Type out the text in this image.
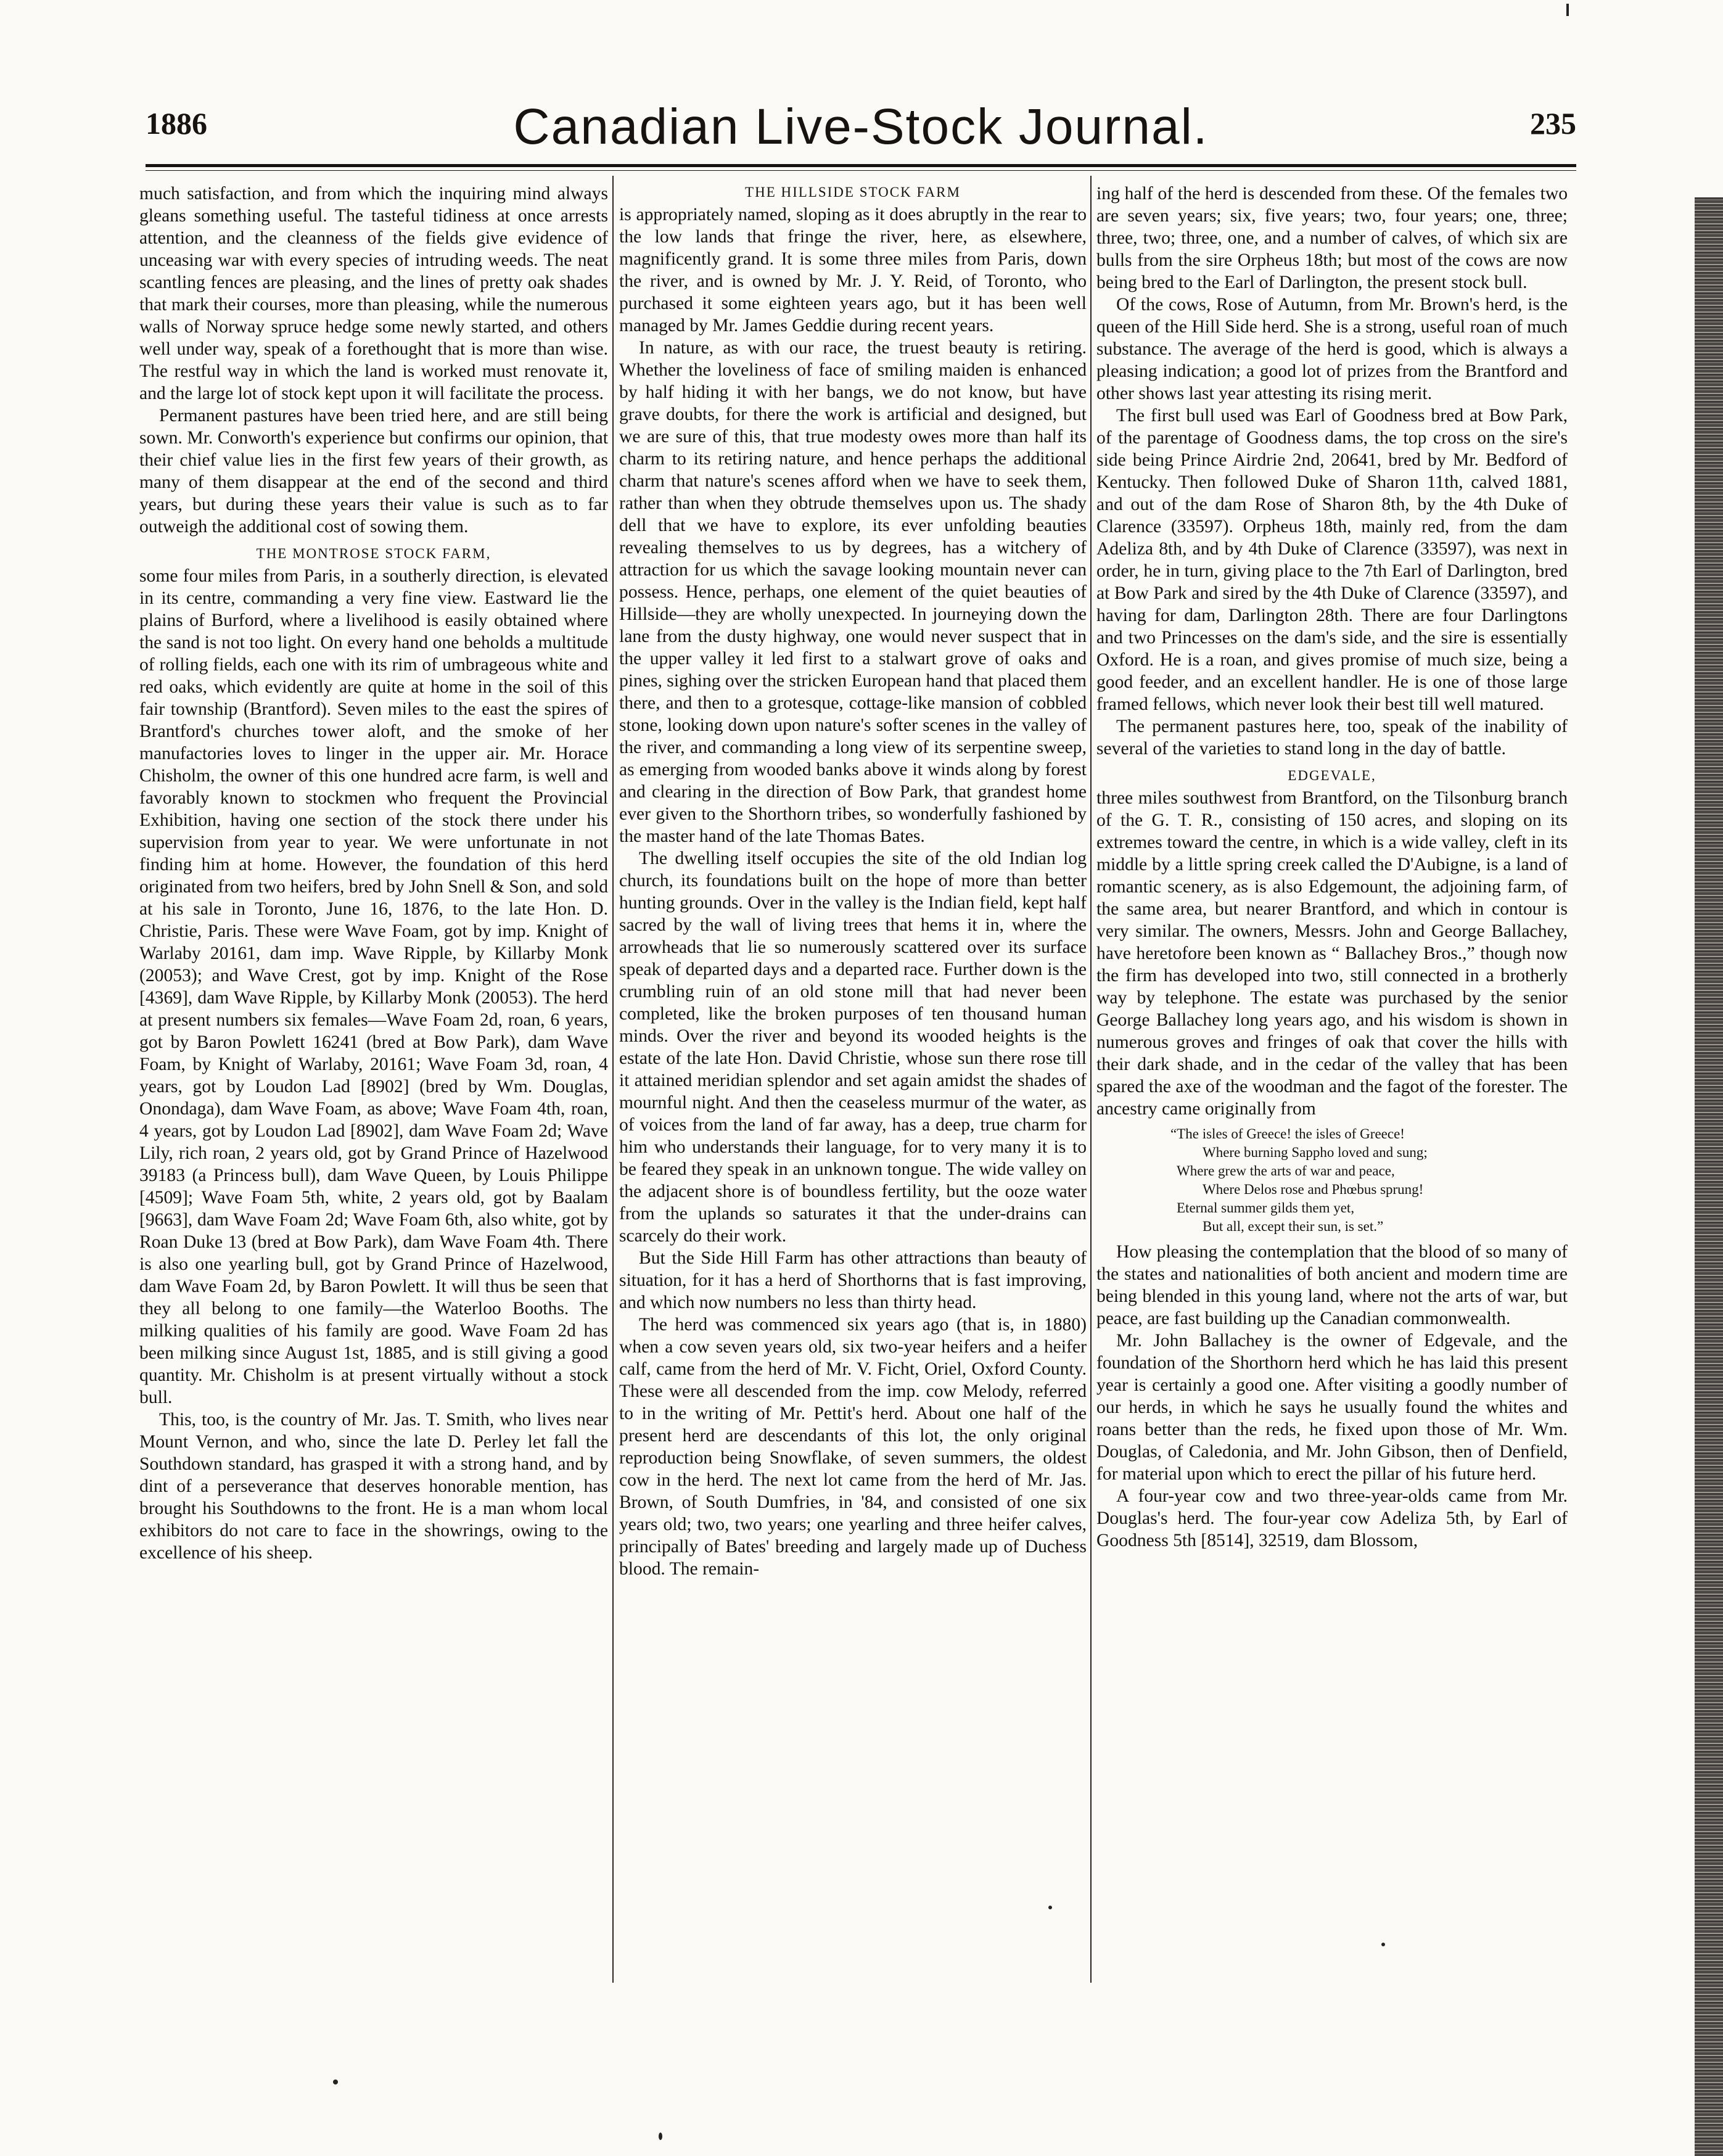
1886	Canadian Live-Stock Journal.	235

much satisfaction, and from which the inquiring mind always gleans something useful. The tasteful tidiness at once arrests attention, and the cleanness of the fields give evidence of unceasing war with every species of intruding weeds. The neat scantling fences are pleasing, and the lines of pretty oak shades that mark their courses, more than pleasing, while the numerous walls of Norway spruce hedge some newly started, and others well under way, speak of a forethought that is more than wise. The restful way in which the land is worked must renovate it, and the large lot of stock kept upon it will facilitate the process.

Permanent pastures have been tried here, and are still being sown. Mr. Conworth's experience but confirms our opinion, that their chief value lies in the first few years of their growth, as many of them disappear at the end of the second and third years, but during these years their value is such as to far outweigh the additional cost of sowing them.

THE MONTROSE STOCK FARM,

some four miles from Paris, in a southerly direction, is elevated in its centre, commanding a very fine view. Eastward lie the plains of Burford, where a livelihood is easily obtained where the sand is not too light. On every hand one beholds a multitude of rolling fields, each one with its rim of umbrageous white and red oaks, which evidently are quite at home in the soil of this fair township (Brantford). Seven miles to the east the spires of Brantford's churches tower aloft, and the smoke of her manufactories loves to linger in the upper air. Mr. Horace Chisholm, the owner of this one hundred acre farm, is well and favorably known to stockmen who frequent the Provincial Exhibition, having one section of the stock there under his supervision from year to year. We were unfortunate in not finding him at home. However, the foundation of this herd originated from two heifers, bred by John Snell & Son, and sold at his sale in Toronto, June 16, 1876, to the late Hon. D. Christie, Paris. These were Wave Foam, got by imp. Knight of Warlaby 20161, dam imp. Wave Ripple, by Killarby Monk (20053); and Wave Crest, got by imp. Knight of the Rose [4369], dam Wave Ripple, by Killarby Monk (20053). The herd at present numbers six females—Wave Foam 2d, roan, 6 years, got by Baron Powlett 16241 (bred at Bow Park), dam Wave Foam, by Knight of Warlaby, 20161; Wave Foam 3d, roan, 4 years, got by Loudon Lad [8902] (bred by Wm. Douglas, Onondaga), dam Wave Foam, as above; Wave Foam 4th, roan, 4 years, got by Loudon Lad [8902], dam Wave Foam 2d; Wave Lily, rich roan, 2 years old, got by Grand Prince of Hazelwood 39183 (a Princess bull), dam Wave Queen, by Louis Philippe [4509]; Wave Foam 5th, white, 2 years old, got by Baalam [9663], dam Wave Foam 2d; Wave Foam 6th, also white, got by Roan Duke 13 (bred at Bow Park), dam Wave Foam 4th. There is also one yearling bull, got by Grand Prince of Hazelwood, dam Wave Foam 2d, by Baron Powlett. It will thus be seen that they all belong to one family—the Waterloo Booths. The milking qualities of his family are good. Wave Foam 2d has been milking since August 1st, 1885, and is still giving a good quantity. Mr. Chisholm is at present virtually without a stock bull.

This, too, is the country of Mr. Jas. T. Smith, who lives near Mount Vernon, and who, since the late D. Perley let fall the Southdown standard, has grasped it with a strong hand, and by dint of a perseverance that deserves honorable mention, has brought his Southdowns to the front. He is a man whom local exhibitors do not care to face in the showrings, owing to the excellence of his sheep.

THE HILLSIDE STOCK FARM

is appropriately named, sloping as it does abruptly in the rear to the low lands that fringe the river, here, as elsewhere, magnificently grand. It is some three miles from Paris, down the river, and is owned by Mr. J. Y. Reid, of Toronto, who purchased it some eighteen years ago, but it has been well managed by Mr. James Geddie during recent years.

In nature, as with our race, the truest beauty is retiring. Whether the loveliness of face of smiling maiden is enhanced by half hiding it with her bangs, we do not know, but have grave doubts, for there the work is artificial and designed, but we are sure of this, that true modesty owes more than half its charm to its retiring nature, and hence perhaps the additional charm that nature's scenes afford when we have to seek them, rather than when they obtrude themselves upon us. The shady dell that we have to explore, its ever unfolding beauties revealing themselves to us by degrees, has a witchery of attraction for us which the savage looking mountain never can possess. Hence, perhaps, one element of the quiet beauties of Hillside—they are wholly unexpected. In journeying down the lane from the dusty highway, one would never suspect that in the upper valley it led first to a stalwart grove of oaks and pines, sighing over the stricken European hand that placed them there, and then to a grotesque, cottage-like mansion of cobbled stone, looking down upon nature's softer scenes in the valley of the river, and commanding a long view of its serpentine sweep, as emerging from wooded banks above it winds along by forest and clearing in the direction of Bow Park, that grandest home ever given to the Shorthorn tribes, so wonderfully fashioned by the master hand of the late Thomas Bates.

The dwelling itself occupies the site of the old Indian log church, its foundations built on the hope of more than better hunting grounds. Over in the valley is the Indian field, kept half sacred by the wall of living trees that hems it in, where the arrowheads that lie so numerously scattered over its surface speak of departed days and a departed race. Further down is the crumbling ruin of an old stone mill that had never been completed, like the broken purposes of ten thousand human minds. Over the river and beyond its wooded heights is the estate of the late Hon. David Christie, whose sun there rose till it attained meridian splendor and set again amidst the shades of mournful night. And then the ceaseless murmur of the water, as of voices from the land of far away, has a deep, true charm for him who understands their language, for to very many it is to be feared they speak in an unknown tongue. The wide valley on the adjacent shore is of boundless fertility, but the ooze water from the uplands so saturates it that the under-drains can scarcely do their work.

But the Side Hill Farm has other attractions than beauty of situation, for it has a herd of Shorthorns that is fast improving, and which now numbers no less than thirty head.

The herd was commenced six years ago (that is, in 1880) when a cow seven years old, six two-year heifers and a heifer calf, came from the herd of Mr. V. Ficht, Oriel, Oxford County. These were all descended from the imp. cow Melody, referred to in the writing of Mr. Pettit's herd. About one half of the present herd are descendants of this lot, the only original reproduction being Snowflake, of seven summers, the oldest cow in the herd. The next lot came from the herd of Mr. Jas. Brown, of South Dumfries, in '84, and consisted of one six years old; two, two years; one yearling and three heifer calves, principally of Bates' breeding and largely made up of Duchess blood. The remain-

ing half of the herd is descended from these. Of the females two are seven years; six, five years; two, four years; one, three; three, two; three, one, and a number of calves, of which six are bulls from the sire Orpheus 18th; but most of the cows are now being bred to the Earl of Darlington, the present stock bull.

Of the cows, Rose of Autumn, from Mr. Brown's herd, is the queen of the Hill Side herd. She is a strong, useful roan of much substance. The average of the herd is good, which is always a pleasing indication; a good lot of prizes from the Brantford and other shows last year attesting its rising merit.

The first bull used was Earl of Goodness bred at Bow Park, of the parentage of Goodness dams, the top cross on the sire's side being Prince Airdrie 2nd, 20641, bred by Mr. Bedford of Kentucky. Then followed Duke of Sharon 11th, calved 1881, and out of the dam Rose of Sharon 8th, by the 4th Duke of Clarence (33597). Orpheus 18th, mainly red, from the dam Adeliza 8th, and by 4th Duke of Clarence (33597), was next in order, he in turn, giving place to the 7th Earl of Darlington, bred at Bow Park and sired by the 4th Duke of Clarence (33597), and having for dam, Darlington 28th. There are four Darlingtons and two Princesses on the dam's side, and the sire is essentially Oxford. He is a roan, and gives promise of much size, being a good feeder, and an excellent handler. He is one of those large framed fellows, which never look their best till well matured.

The permanent pastures here, too, speak of the inability of several of the varieties to stand long in the day of battle.

EDGEVALE,

three miles southwest from Brantford, on the Tilsonburg branch of the G. T. R., consisting of 150 acres, and sloping on its extremes toward the centre, in which is a wide valley, cleft in its middle by a little spring creek called the D'Aubigne, is a land of romantic scenery, as is also Edgemount, the adjoining farm, of the same area, but nearer Brantford, and which in contour is very similar. The owners, Messrs. John and George Ballachey, have heretofore been known as “ Ballachey Bros.,” though now the firm has developed into two, still connected in a brotherly way by telephone. The estate was purchased by the senior George Ballachey long years ago, and his wisdom is shown in numerous groves and fringes of oak that cover the hills with their dark shade, and in the cedar of the valley that has been spared the axe of the woodman and the fagot of the forester. The ancestry came originally from

“The isles of Greece! the isles of Greece!
Where burning Sappho loved and sung;
Where grew the arts of war and peace,
Where Delos rose and Phœbus sprung!
Eternal summer gilds them yet,
But all, except their sun, is set.”

How pleasing the contemplation that the blood of so many of the states and nationalities of both ancient and modern time are being blended in this young land, where not the arts of war, but peace, are fast building up the Canadian commonwealth.

Mr. John Ballachey is the owner of Edgevale, and the foundation of the Shorthorn herd which he has laid this present year is certainly a good one. After visiting a goodly number of our herds, in which he says he usually found the whites and roans better than the reds, he fixed upon those of Mr. Wm. Douglas, of Caledonia, and Mr. John Gibson, then of Denfield, for material upon which to erect the pillar of his future herd.

A four-year cow and two three-year-olds came from Mr. Douglas's herd. The four-year cow Adeliza 5th, by Earl of Goodness 5th [8514], 32519, dam Blossom,
